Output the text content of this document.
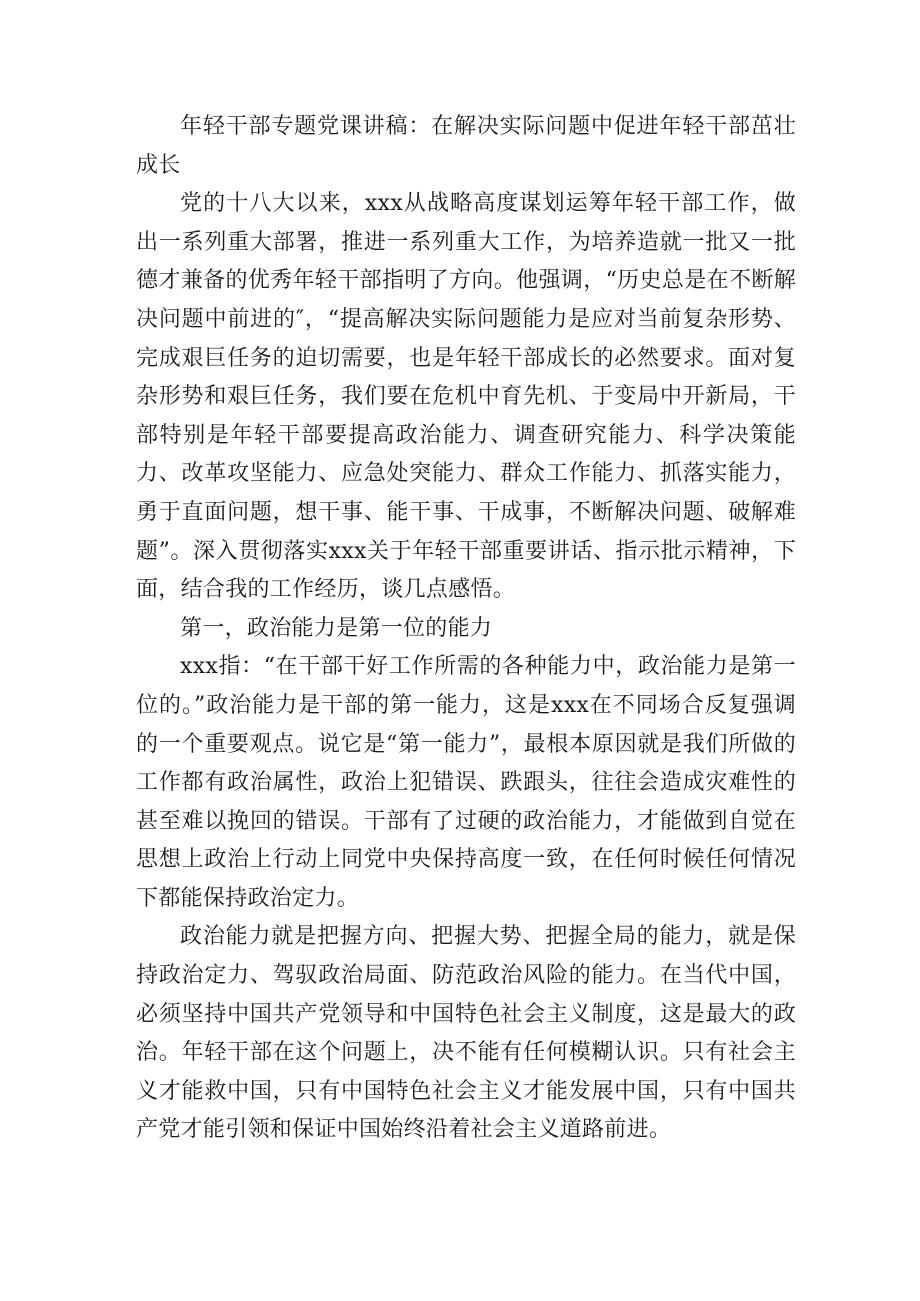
年轻干部专题党课讲稿：在解决实际问题中促进年轻干部茁壮成长

党的十八大以来，xxx从战略高度谋划运筹年轻干部工作，做出一系列重大部署，推进一系列重大工作，为培养造就一批又一批德才兼备的优秀年轻干部指明了方向。他强调，“历史总是在不断解决问题中前进的″，“提高解决实际问题能力是应对当前复杂形势、完成艰巨任务的迫切需要，也是年轻干部成长的必然要求。面对复杂形势和艰巨任务，我们要在危机中育先机、于变局中开新局，干部特别是年轻干部要提高政治能力、调查研究能力、科学决策能力、改革攻坚能力、应急处突能力、群众工作能力、抓落实能力，勇于直面问题，想干事、能干事、干成事，不断解决问题、破解难题”。深入贯彻落实xxx关于年轻干部重要讲话、指示批示精神，下面，结合我的工作经历，谈几点感悟。

第一，政治能力是第一位的能力

xxx指：“在干部干好工作所需的各种能力中，政治能力是第一位的。”政治能力是干部的第一能力，这是xxx在不同场合反复强调的一个重要观点。说它是“第一能力”，最根本原因就是我们所做的工作都有政治属性，政治上犯错误、跌跟头，往往会造成灾难性的甚至难以挽回的错误。干部有了过硬的政治能力，才能做到自觉在思想上政治上行动上同党中央保持高度一致，在任何时候任何情况下都能保持政治定力。

政治能力就是把握方向、把握大势、把握全局的能力，就是保持政治定力、驾驭政治局面、防范政治风险的能力。在当代中国，必须坚持中国共产党领导和中国特色社会主义制度，这是最大的政治。年轻干部在这个问题上，决不能有任何模糊认识。只有社会主义才能救中国，只有中国特色社会主义才能发展中国，只有中国共产党才能引领和保证中国始终沿着社会主义道路前进。
